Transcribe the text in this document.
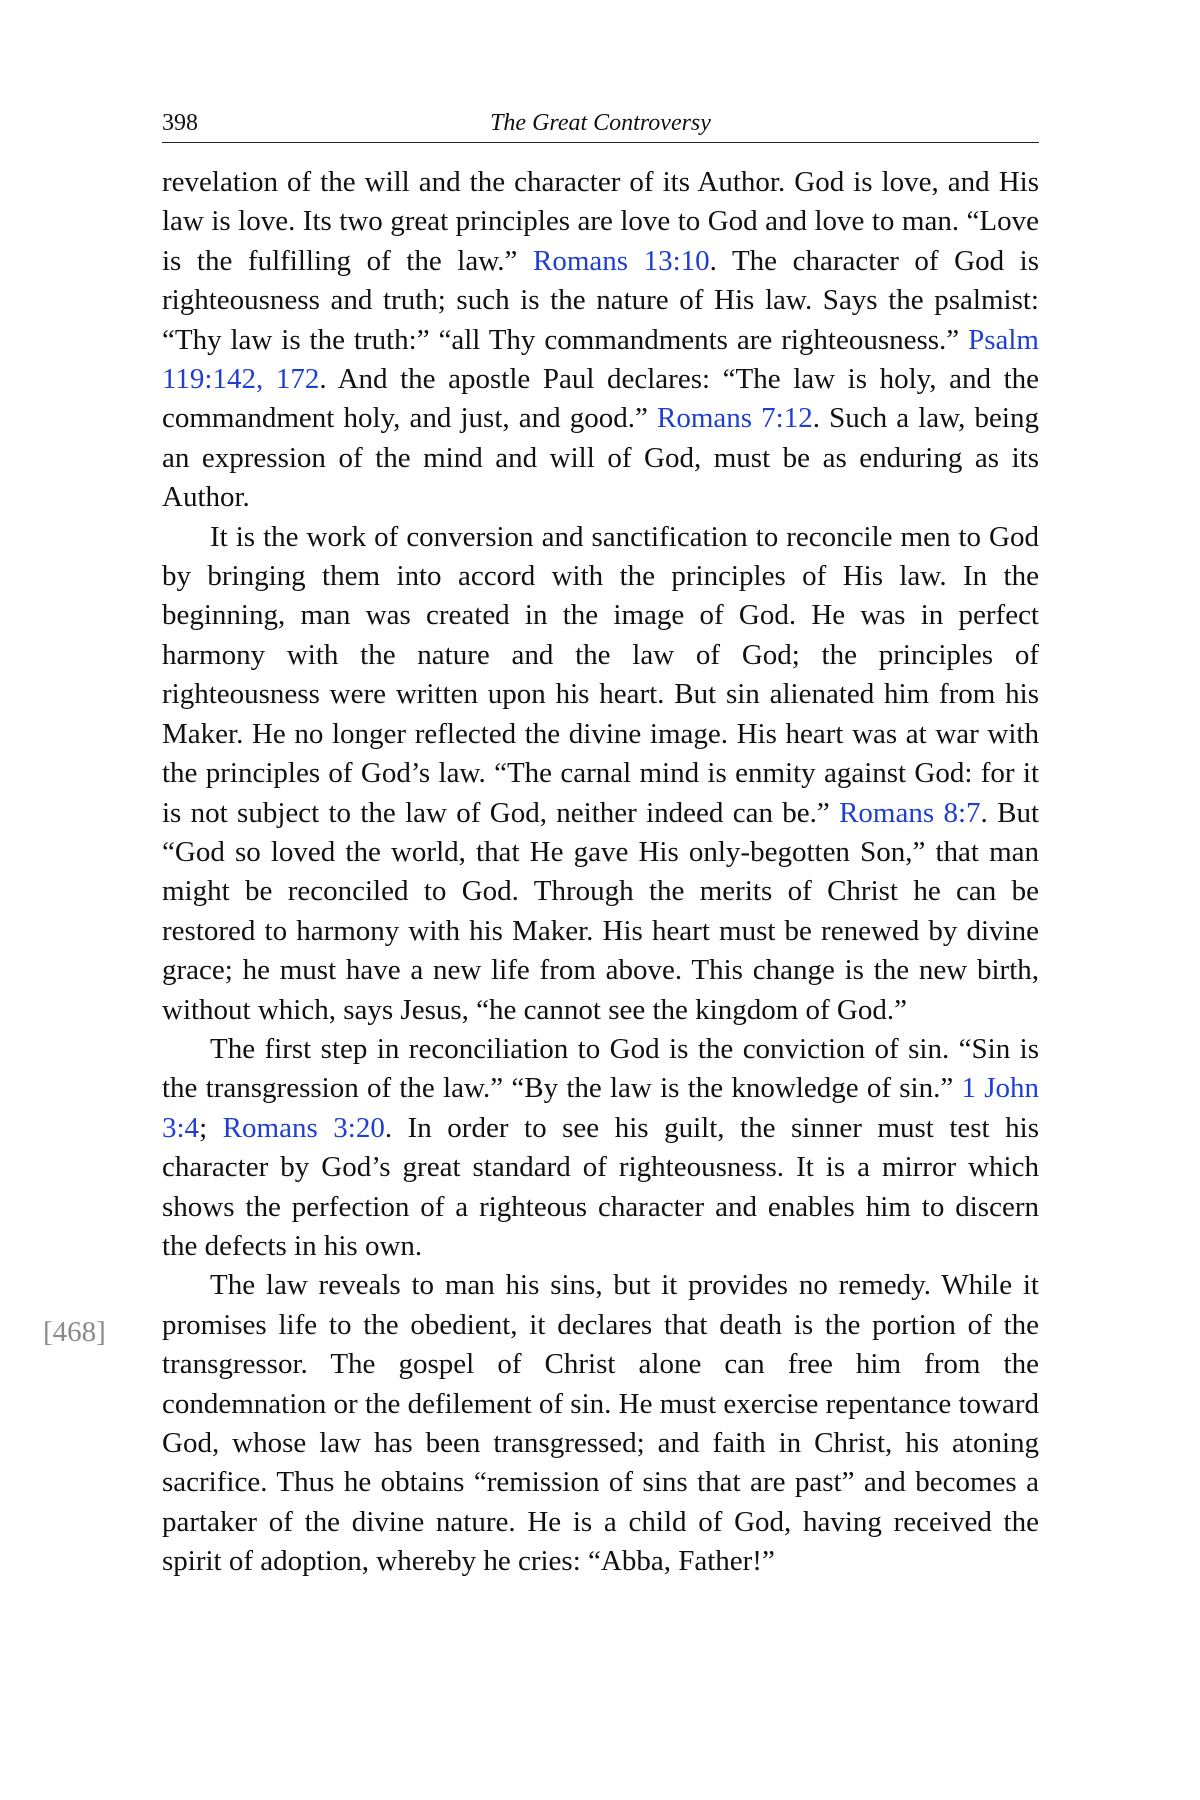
398	The Great Controversy
[468]

revelation of the will and the character of its Author. God is love, and His law is love. Its two great principles are love to God and love to man. “Love is the fulfilling of the law.” Romans 13:10. The character of God is righteousness and truth; such is the nature of His law. Says the psalmist: “Thy law is the truth:” “all Thy commandments are righteousness.” Psalm 119:142, 172. And the apostle Paul declares: “The law is holy, and the commandment holy, and just, and good.” Romans 7:12. Such a law, being an expression of the mind and will of God, must be as enduring as its Author.

It is the work of conversion and sanctification to reconcile men to God by bringing them into accord with the principles of His law. In the beginning, man was created in the image of God. He was in perfect harmony with the nature and the law of God; the principles of righteousness were written upon his heart. But sin alienated him from his Maker. He no longer reflected the divine image. His heart was at war with the principles of God’s law. “The carnal mind is enmity against God: for it is not subject to the law of God, neither indeed can be.” Romans 8:7. But “God so loved the world, that He gave His only-begotten Son,” that man might be reconciled to God. Through the merits of Christ he can be restored to harmony with his Maker. His heart must be renewed by divine grace; he must have a new life from above. This change is the new birth, without which, says Jesus, “he cannot see the kingdom of God.”

The first step in reconciliation to God is the conviction of sin. “Sin is the transgression of the law.” “By the law is the knowledge of sin.” 1 John 3:4; Romans 3:20. In order to see his guilt, the sinner must test his character by God’s great standard of righteousness. It is a mirror which shows the perfection of a righteous character and enables him to discern the defects in his own.

The law reveals to man his sins, but it provides no remedy. While it promises life to the obedient, it declares that death is the portion of the transgressor. The gospel of Christ alone can free him from the condemnation or the defilement of sin. He must exercise repentance toward God, whose law has been transgressed; and faith in Christ, his atoning sacrifice. Thus he obtains “remission of sins that are past” and becomes a partaker of the divine nature. He is a child of God, having received the spirit of adoption, whereby he cries: “Abba, Father!”
